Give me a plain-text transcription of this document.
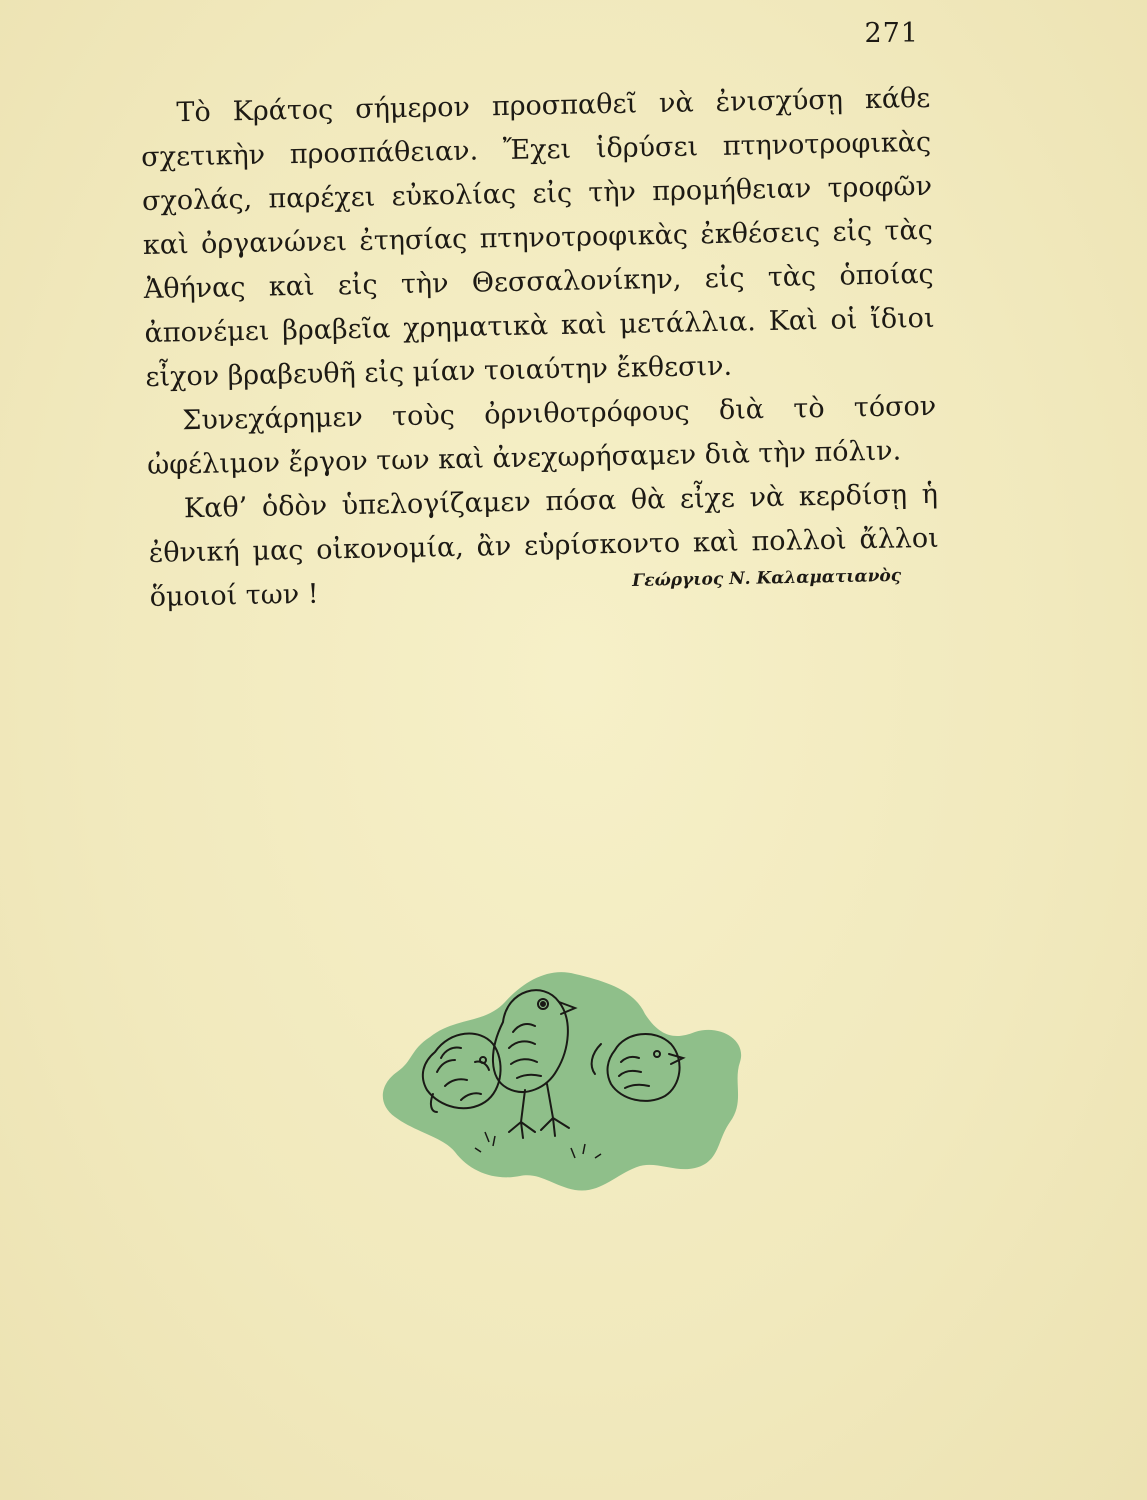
271

Τὸ Κράτος σήμερον προσπαθεῖ νὰ ἐνισχύσῃ κάθε σχετικὴν προσπάθειαν. Ἔχει ἱδρύσει πτηνοτροφικὰς σχολάς, παρέχει εὐκολίας εἰς τὴν προμήθειαν τροφῶν καὶ ὀργανώνει ἐτησίας πτηνοτροφικὰς ἐκθέσεις εἰς τὰς Ἀθήνας καὶ εἰς τὴν Θεσσαλονίκην, εἰς τὰς ὁποίας ἀπονέμει βραβεῖα χρηματικὰ καὶ μετάλλια. Καὶ οἱ ἴδιοι εἶχον βραβευθῆ εἰς μίαν τοιαύτην ἔκθεσιν.

Συνεχάρημεν τοὺς ὀρνιθοτρόφους διὰ τὸ τόσον ὠφέλιμον ἔργον των καὶ ἀνεχωρήσαμεν διὰ τὴν πόλιν.

Καθ’ ὁδὸν ὑπελογίζαμεν πόσα θὰ εἶχε νὰ κερδίσῃ ἡ ἐθνική μας οἰκονομία, ἂν εὑρίσκοντο καὶ πολλοὶ ἄλλοι ὅμοιοί των !

Γεώργιος Ν. Καλαματιανὸς
